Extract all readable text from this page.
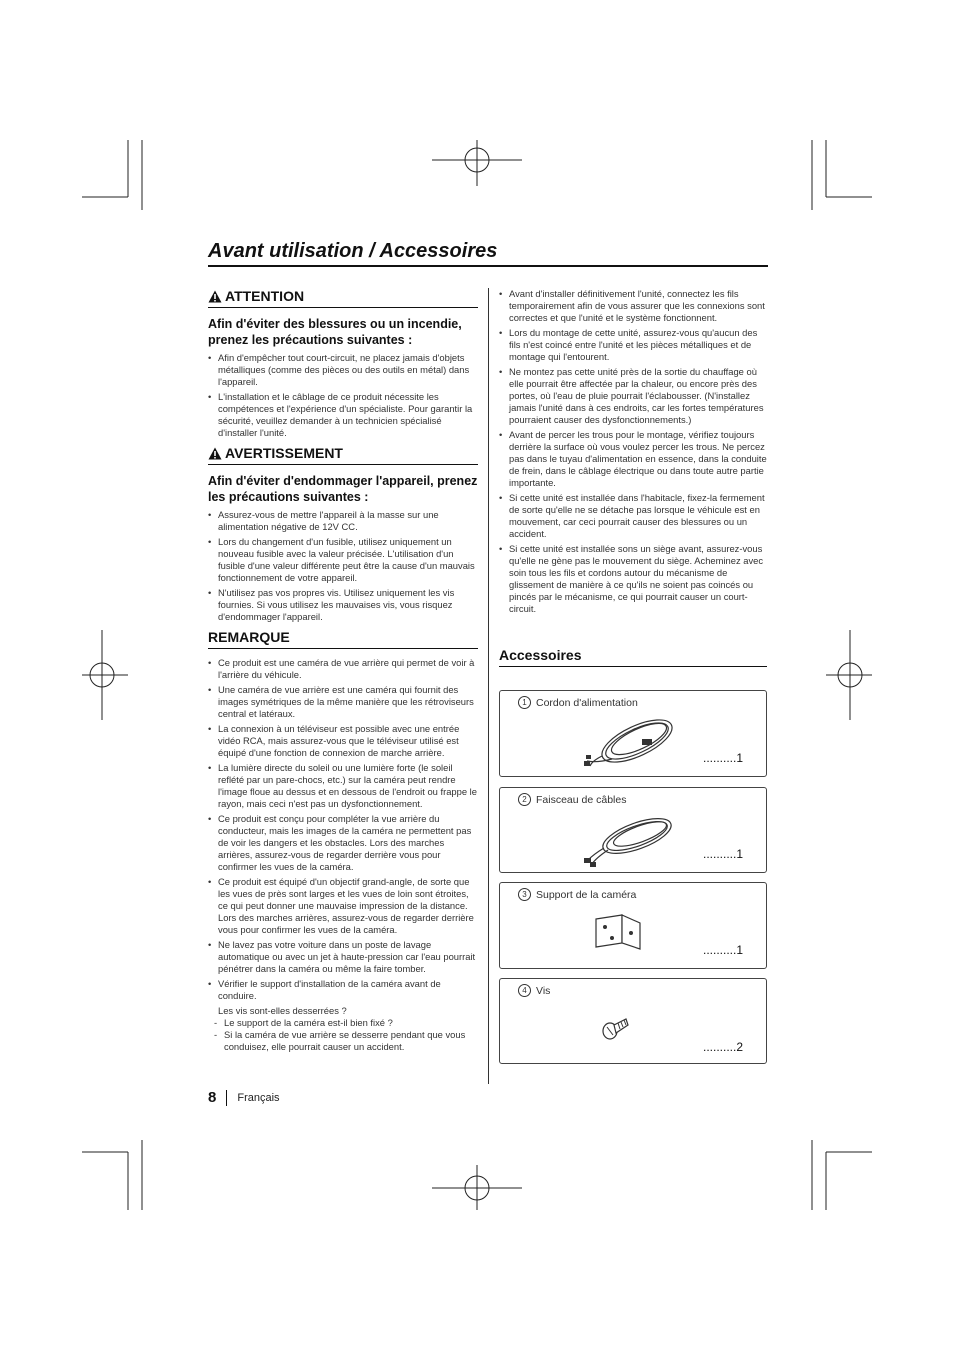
Avant utilisation / Accessoires
ATTENTION

Afin d'éviter des blessures ou un incendie, prenez les précautions suivantes :

• Afin d'empêcher tout court-circuit, ne placez jamais d'objets métalliques (comme des pièces ou des outils en métal) dans l'appareil.
• L'installation et le câblage de ce produit nécessite les compétences et l'expérience d'un spécialiste. Pour garantir la sécurité, veuillez demander à un technicien spécialisé d'installer l'unité.
AVERTISSEMENT

Afin d'éviter d'endommager l'appareil, prenez les précautions suivantes :

• Assurez-vous de mettre l'appareil à la masse sur une alimentation négative de 12V CC.
• Lors du changement d'un fusible, utilisez uniquement un nouveau fusible avec la valeur précisée. L'utilisation d'un fusible d'une valeur différente peut être la cause d'un mauvais fonctionnement de votre appareil.
• N'utilisez pas vos propres vis. Utilisez uniquement les vis fournies. Si vous utilisez les mauvaises vis, vous risquez d'endommager l'appareil.
REMARQUE
• Ce produit est une caméra de vue arrière qui permet de voir à l'arrière du véhicule.
• Une caméra de vue arrière est une caméra qui fournit des images symétriques de la même manière que les rétroviseurs central et latéraux.
• La connexion à un téléviseur est possible avec une entrée vidéo RCA, mais assurez-vous que le téléviseur utilisé est équipé d'une fonction de connexion de marche arrière.
• La lumière directe du soleil ou une lumière forte (le soleil reflété par un pare-chocs, etc.) sur la caméra peut rendre l'image floue au dessus et en dessous de l'endroit ou frappe le rayon, mais ceci n'est pas un dysfonctionnement.
• Ce produit est conçu pour compléter la vue arrière du conducteur, mais les images de la caméra ne permettent pas de voir les dangers et les obstacles. Lors des marches arrières, assurez-vous de regarder derrière vous pour confirmer les vues de la caméra.
• Ce produit est équipé d'un objectif grand-angle, de sorte que les vues de près sont larges et les vues de loin sont étroites, ce qui peut donner une mauvaise impression de la distance. Lors des marches arrières, assurez-vous de regarder derrière vous pour confirmer les vues de la caméra.
• Ne lavez pas votre voiture dans un poste de lavage automatique ou avec un jet à haute-pression car l'eau pourrait pénétrer dans la caméra ou même la faire tomber.
• Vérifier le support d'installation de la caméra avant de conduire.
Les vis sont-elles desserrées ?
- Le support de la caméra est-il bien fixé ?
- Si la caméra de vue arrière se desserre pendant que vous conduisez, elle pourrait causer un accident.
• Avant d'installer définitivement l'unité, connectez les fils temporairement afin de vous assurer que les connexions sont correctes et que l'unité et le système fonctionnent.
• Lors du montage de cette unité, assurez-vous qu'aucun des fils n'est coincé entre l'unité et les pièces métalliques et de montage qui l'entourent.
• Ne montez pas cette unité près de la sortie du chauffage où elle pourrait être affectée par la chaleur, ou encore près des portes, où l'eau de pluie pourrait l'éclabousser. (N'installez jamais l'unité dans à ces endroits, car les fortes températures pourraient causer des dysfonctionnements.)
• Avant de percer les trous pour le montage, vérifiez toujours derrière la surface où vous voulez percer les trous. Ne percez pas dans le tuyau d'alimentation en essence, dans la conduite de frein, dans le câblage électrique ou dans toute autre partie importante.
• Si cette unité est installée dans l'habitacle, fixez-la fermement de sorte qu'elle ne se détache pas lorsque le véhicule est en mouvement, car ceci pourrait causer des blessures ou un accident.
• Si cette unité est installée sons un siège avant, assurez-vous qu'elle ne gène pas le mouvement du siège. Acheminez avec soin tous les fils et cordons autour du mécanisme de glissement de manière à ce qu'ils ne soient pas coincés ou pincés par le mécanisme, ce qui pourrait causer un court-circuit.
Accessoires
1 Cordon d'alimentation
..........1
2 Faisceau de câbles
..........1
3 Support de la caméra
..........1
4 Vis
..........2
8 Français
